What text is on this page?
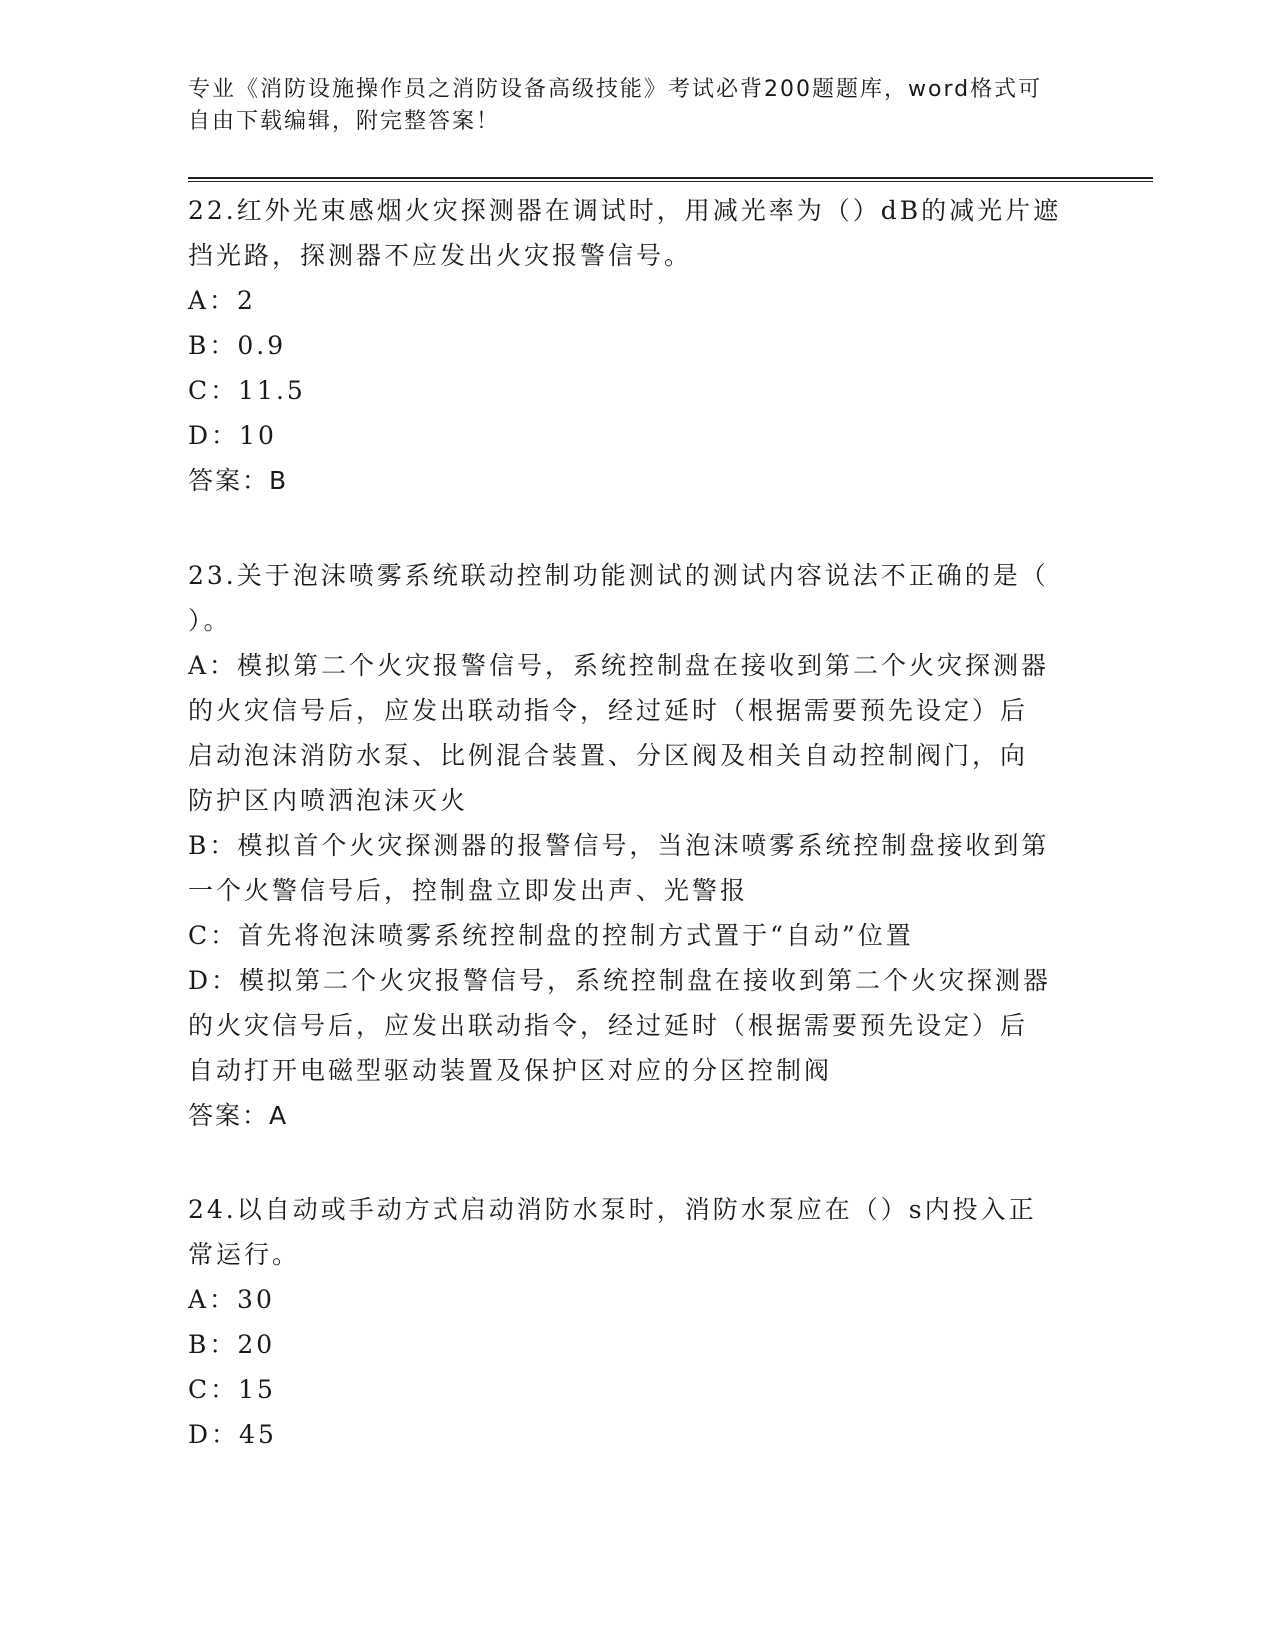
专业《消防设施操作员之消防设备高级技能》考试必背200题题库，word格式可
自由下载编辑，附完整答案！

22.红外光束感烟火灾探测器在调试时，用减光率为（）dB的减光片遮

挡光路，探测器不应发出火灾报警信号。

A：2

B：0.9

C：11.5

D：10

答案：B

23.关于泡沫喷雾系统联动控制功能测试的测试内容说法不正确的是（

）。

A：模拟第二个火灾报警信号，系统控制盘在接收到第二个火灾探测器

的火灾信号后，应发出联动指令，经过延时（根据需要预先设定）后

启动泡沫消防水泵、比例混合装置、分区阀及相关自动控制阀门，向

防护区内喷洒泡沫灭火

B：模拟首个火灾探测器的报警信号，当泡沫喷雾系统控制盘接收到第

一个火警信号后，控制盘立即发出声、光警报

C：首先将泡沫喷雾系统控制盘的控制方式置于“自动”位置

D：模拟第二个火灾报警信号，系统控制盘在接收到第二个火灾探测器

的火灾信号后，应发出联动指令，经过延时（根据需要预先设定）后

自动打开电磁型驱动装置及保护区对应的分区控制阀

答案：A

24.以自动或手动方式启动消防水泵时，消防水泵应在（）s内投入正

常运行。

A：30

B：20

C：15

D：45
